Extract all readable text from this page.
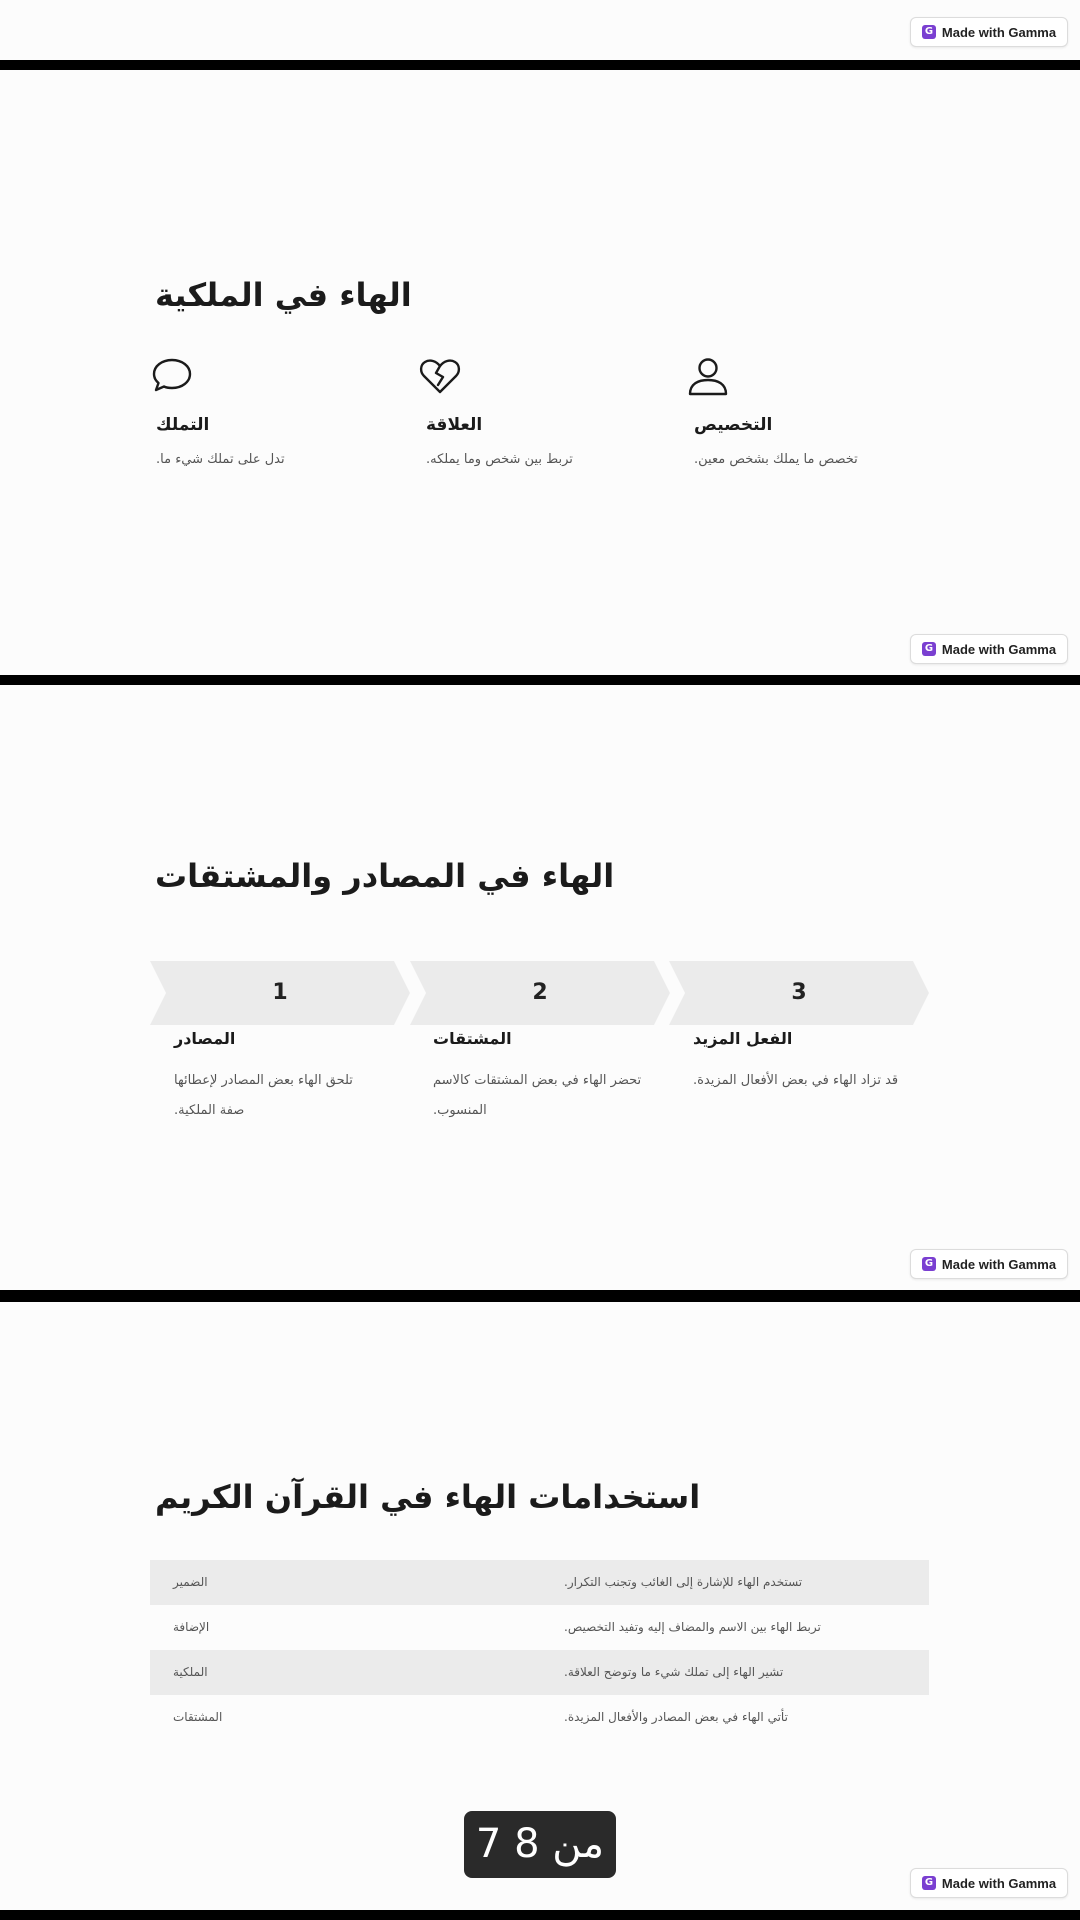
G Made with Gamma
الهاء في الملكية
التملك
.تدل على تملك شيء ما
العلاقة
.تربط بين شخص وما يملكه
التخصيص
.تخصص ما يملك بشخص معين
G Made with Gamma
الهاء في المصادر والمشتقات
1	2	3

المصادر

تلحق الهاء بعض المصادر لإعطائها

.صفة الملكية

المشتقات

تحضر الهاء في بعض المشتقات كالاسم

.المنسوب

الفعل المزيد

.قد تزاد الهاء في بعض الأفعال المزيدة

G Made with Gamma
استخدامات الهاء في القرآن الكريم
الضمير	.تستخدم الهاء للإشارة إلى الغائب وتجنب التكرار
الإضافة	.تربط الهاء بين الاسم والمضاف إليه وتفيد التخصيص
الملكية	.تشير الهاء إلى تملك شيء ما وتوضح العلاقة
المشتقات	.تأتي الهاء في بعض المصادر والأفعال المزيدة
G Made with Gamma
7 من 8
